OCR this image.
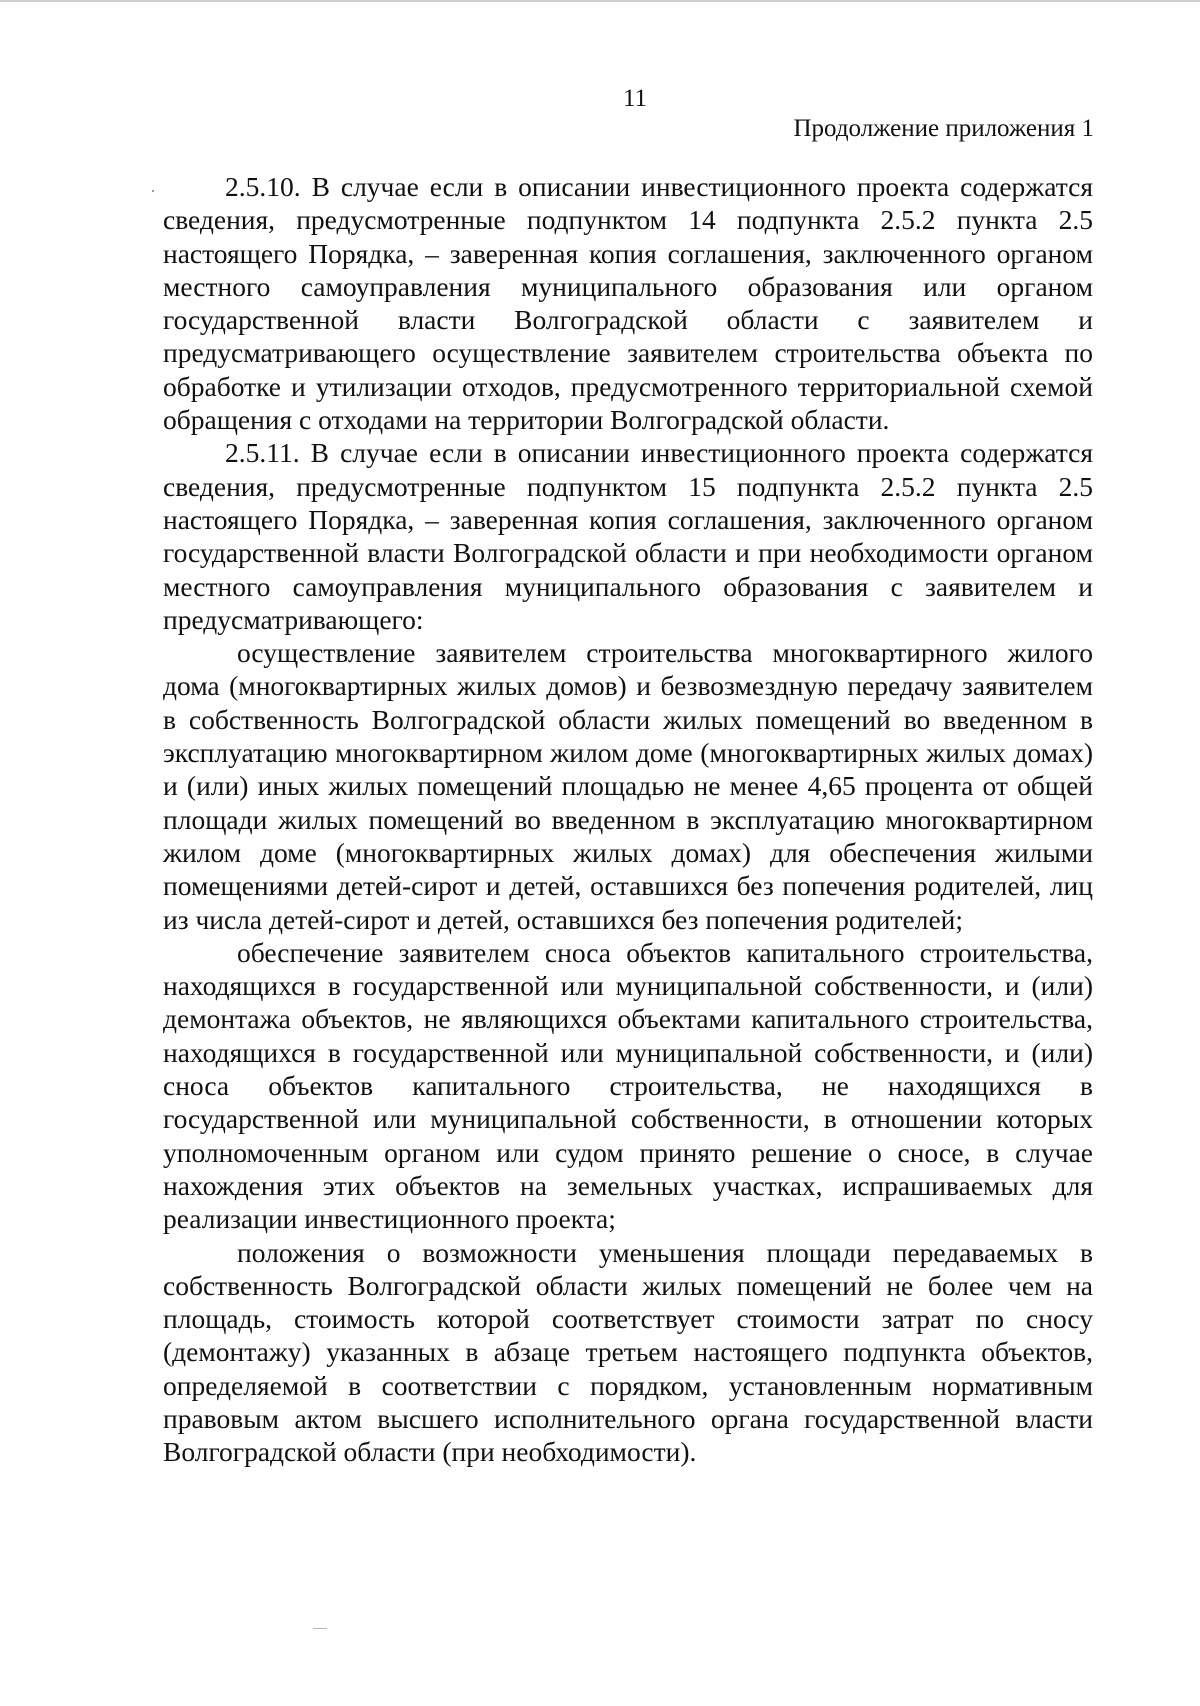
11
Продолжение приложения 1

2.5.10. В случае если в описании инвестиционного проекта содержатся сведения, предусмотренные подпунктом 14 подпункта 2.5.2 пункта 2.5 настоящего Порядка, – заверенная копия соглашения, заключенного органом местного самоуправления муниципального образования или органом государственной власти Волгоградской области с заявителем и предусматривающего осуществление заявителем строительства объекта по обработке и утилизации отходов, предусмотренного территориальной схемой обращения с отходами на территории Волгоградской области.

2.5.11. В случае если в описании инвестиционного проекта содержатся сведения, предусмотренные подпунктом 15 подпункта 2.5.2 пункта 2.5 настоящего Порядка, – заверенная копия соглашения, заключенного органом государственной власти Волгоградской области и при необходимости органом местного самоуправления муниципального образования с заявителем и предусматривающего:

осуществление заявителем строительства многоквартирного жилого дома (многоквартирных жилых домов) и безвозмездную передачу заявителем в собственность Волгоградской области жилых помещений во введенном в эксплуатацию многоквартирном жилом доме (многоквартирных жилых домах) и (или) иных жилых помещений площадью не менее 4,65 процента от общей площади жилых помещений во введенном в эксплуатацию многоквартирном жилом доме (многоквартирных жилых домах) для обеспечения жилыми помещениями детей-сирот и детей, оставшихся без попечения родителей, лиц из числа детей-сирот и детей, оставшихся без попечения родителей;

обеспечение заявителем сноса объектов капитального строительства, находящихся в государственной или муниципальной собственности, и (или) демонтажа объектов, не являющихся объектами капитального строительства, находящихся в государственной или муниципальной собственности, и (или) сноса объектов капитального строительства, не находящихся в государственной или муниципальной собственности, в отношении которых уполномоченным органом или судом принято решение о сносе, в случае нахождения этих объектов на земельных участках, испрашиваемых для реализации инвестиционного проекта;

положения о возможности уменьшения площади передаваемых в собственность Волгоградской области жилых помещений не более чем на площадь, стоимость которой соответствует стоимости затрат по сносу (демонтажу) указанных в абзаце третьем настоящего подпункта объектов, определяемой в соответствии с порядком, установленным нормативным правовым актом высшего исполнительного органа государственной власти Волгоградской области (при необходимости).
